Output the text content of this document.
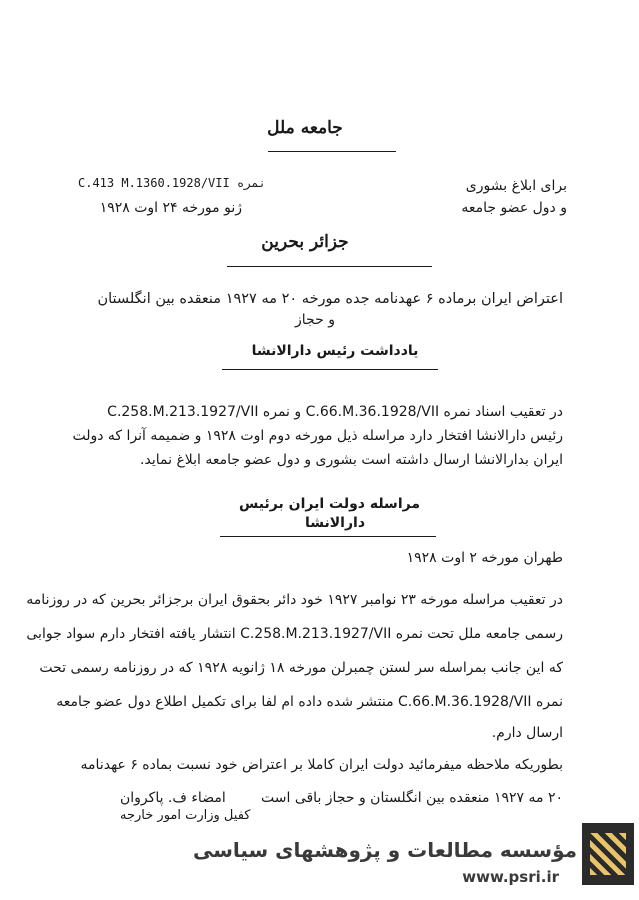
جامعه ملل
C.413 M.1360.1928/VII نمره
ژنو مورخه ۲۴ اوت ۱۹۲۸
برای ابلاغ بشوری
و دول عضو جامعه
جزائر بحرین
اعتراض ایران برماده ۶ عهدنامه جده مورخه ۲۰ مه ۱۹۲۷ منعقده بین انگلستان
و حجاز
یادداشت رئیس دارالانشا
در تعقیب اسناد نمره C.66.M.36.1928/VII و نمره C.258.M.213.1927/VII
رئیس دارالانشا افتخار دارد مراسله ذیل مورخه دوم اوت ۱۹۲۸ و ضمیمه آنرا که دولت
ایران بدارالانشا ارسال داشته است بشوری و دول عضو جامعه ابلاغ نماید.
مراسله دولت ایران برئیس
دارالانشا
طهران مورخه ۲ اوت ۱۹۲۸
در تعقیب مراسله مورخه ۲۳ نوامبر ۱۹۲۷ خود دائر بحقوق ایران برجزائر بحرین که در روزنامه
رسمی جامعه ملل تحت نمره C.258.M.213.1927/VII انتشار یافته افتخار دارم سواد جوابی
که این جانب بمراسله سر لستن چمبرلن مورخه ۱۸ ژانویه ۱۹۲۸ که در روزنامه رسمی تحت
نمره C.66.M.36.1928/VII منتشر شده داده ام لفا برای تکمیل اطلاع دول عضو جامعه
ارسال دارم.
بطوریکه ملاحظه میفرمائید دولت ایران کاملا بر اعتراض خود نسبت بماده ۶ عهدنامه
۲۰ مه ۱۹۲۷ منعقده بین انگلستان و حجاز باقی است
امضاء ف. پاکروان
کفیل وزارت امور خارجه
مؤسسه مطالعات و پژوهشهای سیاسی
www.psri.ir
